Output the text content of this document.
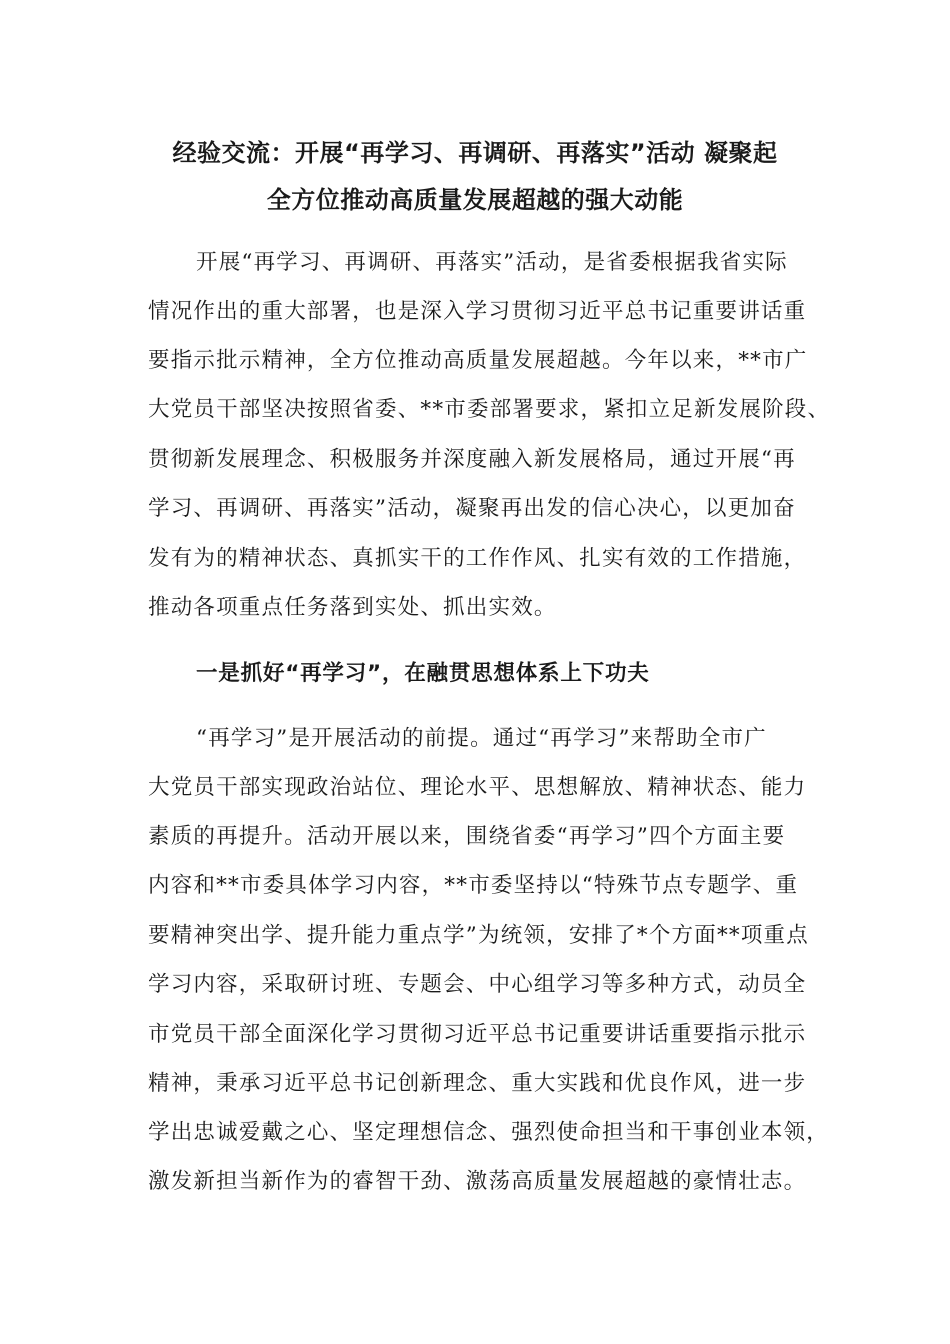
经验交流：开展“再学习、再调研、再落实”活动 凝聚起
全方位推动高质量发展超越的强大动能
开展“再学习、再调研、再落实”活动，是省委根据我省实际
情况作出的重大部署，也是深入学习贯彻习近平总书记重要讲话重
要指示批示精神，全方位推动高质量发展超越。今年以来，**市广
大党员干部坚决按照省委、**市委部署要求，紧扣立足新发展阶段、
贯彻新发展理念、积极服务并深度融入新发展格局，通过开展“再
学习、再调研、再落实”活动，凝聚再出发的信心决心，以更加奋
发有为的精神状态、真抓实干的工作作风、扎实有效的工作措施，
推动各项重点任务落到实处、抓出实效。
一是抓好“再学习”，在融贯思想体系上下功夫
“再学习”是开展活动的前提。通过“再学习”来帮助全市广
大党员干部实现政治站位、理论水平、思想解放、精神状态、能力
素质的再提升。活动开展以来，围绕省委“再学习”四个方面主要
内容和**市委具体学习内容，**市委坚持以“特殊节点专题学、重
要精神突出学、提升能力重点学”为统领，安排了*个方面**项重点
学习内容，采取研讨班、专题会、中心组学习等多种方式，动员全
市党员干部全面深化学习贯彻习近平总书记重要讲话重要指示批示
精神，秉承习近平总书记创新理念、重大实践和优良作风，进一步
学出忠诚爱戴之心、坚定理想信念、强烈使命担当和干事创业本领，
激发新担当新作为的睿智干劲、激荡高质量发展超越的豪情壮志。
